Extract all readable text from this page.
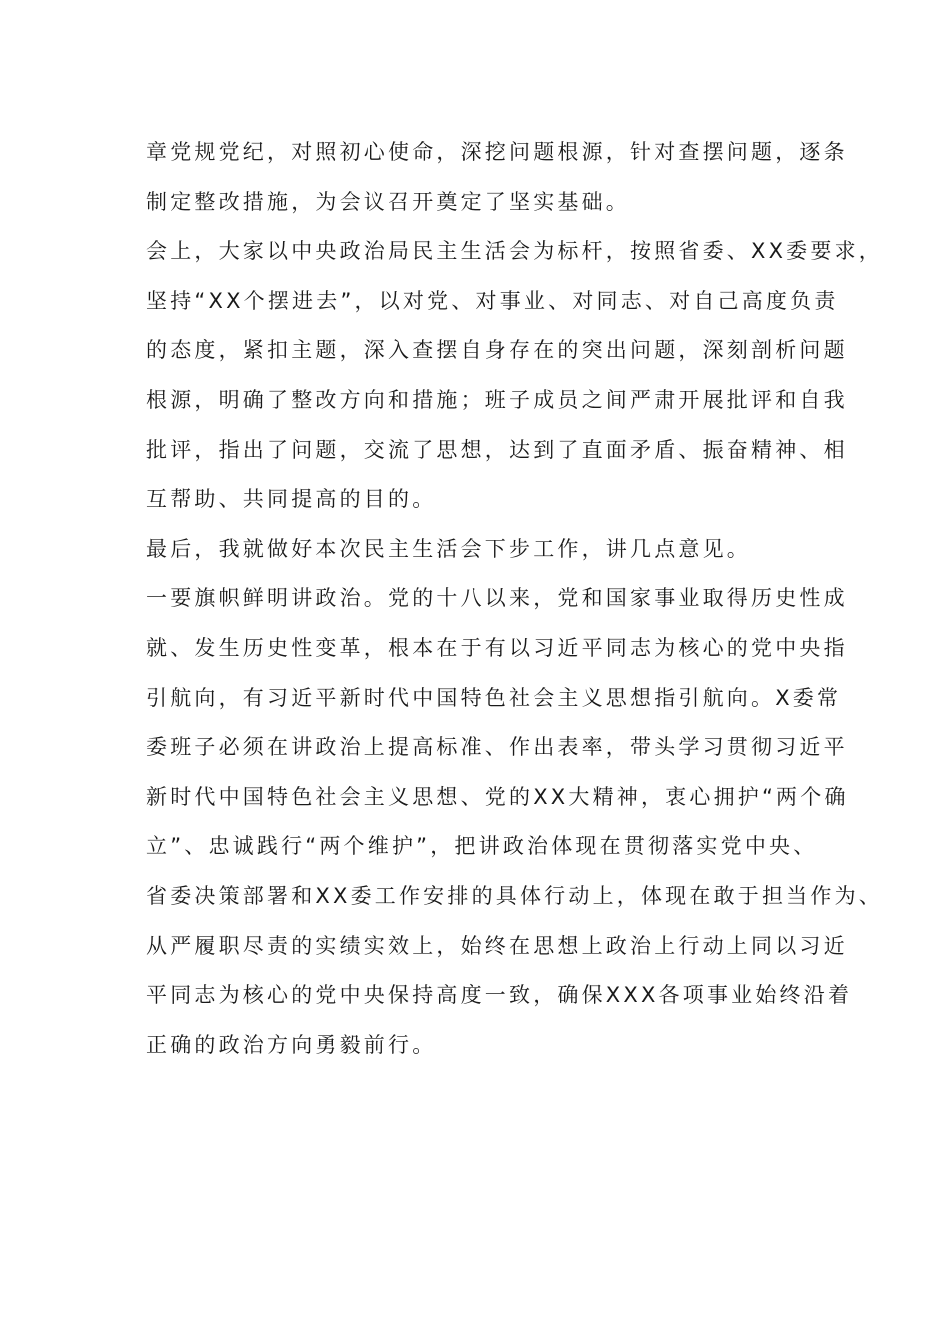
章党规党纪，对照初心使命，深挖问题根源，针对查摆问题，逐条
制定整改措施，为会议召开奠定了坚实基础。
会上，大家以中央政治局民主生活会为标杆，按照省委、XX委要求，
坚持“XX个摆进去”，以对党、对事业、对同志、对自己高度负责
的态度，紧扣主题，深入查摆自身存在的突出问题，深刻剖析问题
根源，明确了整改方向和措施；班子成员之间严肃开展批评和自我
批评，指出了问题，交流了思想，达到了直面矛盾、振奋精神、相
互帮助、共同提高的目的。
最后，我就做好本次民主生活会下步工作，讲几点意见。
一要旗帜鲜明讲政治。党的十八以来，党和国家事业取得历史性成
就、发生历史性变革，根本在于有以习近平同志为核心的党中央指
引航向，有习近平新时代中国特色社会主义思想指引航向。X委常
委班子必须在讲政治上提高标准、作出表率，带头学习贯彻习近平
新时代中国特色社会主义思想、党的XX大精神，衷心拥护“两个确
立”、忠诚践行“两个维护”，把讲政治体现在贯彻落实党中央、
省委决策部署和XX委工作安排的具体行动上，体现在敢于担当作为、
从严履职尽责的实绩实效上，始终在思想上政治上行动上同以习近
平同志为核心的党中央保持高度一致，确保XXX各项事业始终沿着
正确的政治方向勇毅前行。
